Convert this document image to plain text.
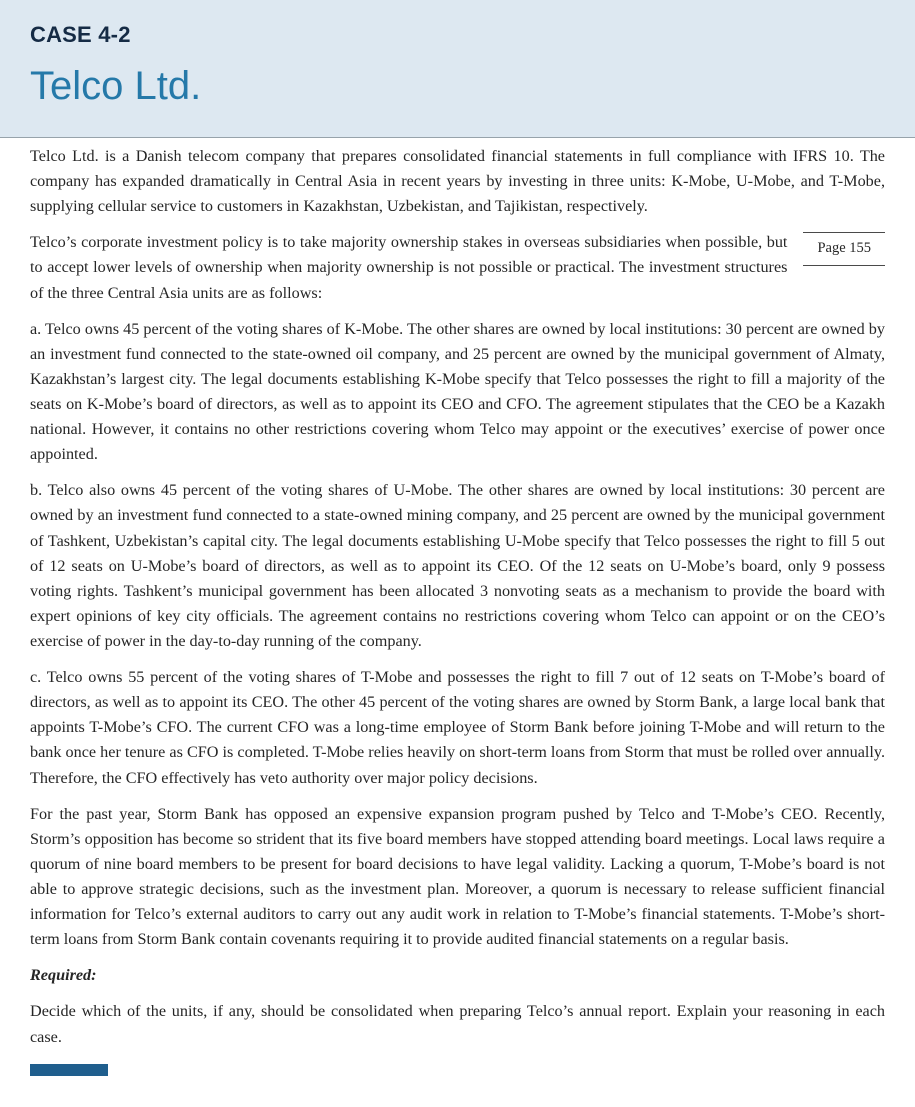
CASE 4-2
Telco Ltd.

Telco Ltd. is a Danish telecom company that prepares consolidated financial statements in full compliance with IFRS 10. The company has expanded dramatically in Central Asia in recent years by investing in three units: K-Mobe, U-Mobe, and T-Mobe, supplying cellular service to customers in Kazakhstan, Uzbekistan, and Tajikistan, respectively.

Page 155
Telco’s corporate investment policy is to take majority ownership stakes in overseas subsidiaries when possible, but to accept lower levels of ownership when majority ownership is not possible or practical. The investment structures of the three Central Asia units are as follows:

a. Telco owns 45 percent of the voting shares of K-Mobe. The other shares are owned by local institutions: 30 percent are owned by an investment fund connected to the state-owned oil company, and 25 percent are owned by the municipal government of Almaty, Kazakhstan’s largest city. The legal documents establishing K-Mobe specify that Telco possesses the right to fill a majority of the seats on K-Mobe’s board of directors, as well as to appoint its CEO and CFO. The agreement stipulates that the CEO be a Kazakh national. However, it contains no other restrictions covering whom Telco may appoint or the executives’ exercise of power once appointed.

b. Telco also owns 45 percent of the voting shares of U-Mobe. The other shares are owned by local institutions: 30 percent are owned by an investment fund connected to a state-owned mining company, and 25 percent are owned by the municipal government of Tashkent, Uzbekistan’s capital city. The legal documents establishing U-Mobe specify that Telco possesses the right to fill 5 out of 12 seats on U-Mobe’s board of directors, as well as to appoint its CEO. Of the 12 seats on U-Mobe’s board, only 9 possess voting rights. Tashkent’s municipal government has been allocated 3 nonvoting seats as a mechanism to provide the board with expert opinions of key city officials. The agreement contains no restrictions covering whom Telco can appoint or on the CEO’s exercise of power in the day-to-day running of the company.

c. Telco owns 55 percent of the voting shares of T-Mobe and possesses the right to fill 7 out of 12 seats on T-Mobe’s board of directors, as well as to appoint its CEO. The other 45 percent of the voting shares are owned by Storm Bank, a large local bank that appoints T-Mobe’s CFO. The current CFO was a long-time employee of Storm Bank before joining T-Mobe and will return to the bank once her tenure as CFO is completed. T-Mobe relies heavily on short-term loans from Storm that must be rolled over annually. Therefore, the CFO effectively has veto authority over major policy decisions.

For the past year, Storm Bank has opposed an expensive expansion program pushed by Telco and T-Mobe’s CEO. Recently, Storm’s opposition has become so strident that its five board members have stopped attending board meetings. Local laws require a quorum of nine board members to be present for board decisions to have legal validity. Lacking a quorum, T-Mobe’s board is not able to approve strategic decisions, such as the investment plan. Moreover, a quorum is necessary to release sufficient financial information for Telco’s external auditors to carry out any audit work in relation to T-Mobe’s financial statements. T-Mobe’s short-term loans from Storm Bank contain covenants requiring it to provide audited financial statements on a regular basis.

Required:

Decide which of the units, if any, should be consolidated when preparing Telco’s annual report. Explain your reasoning in each case.
